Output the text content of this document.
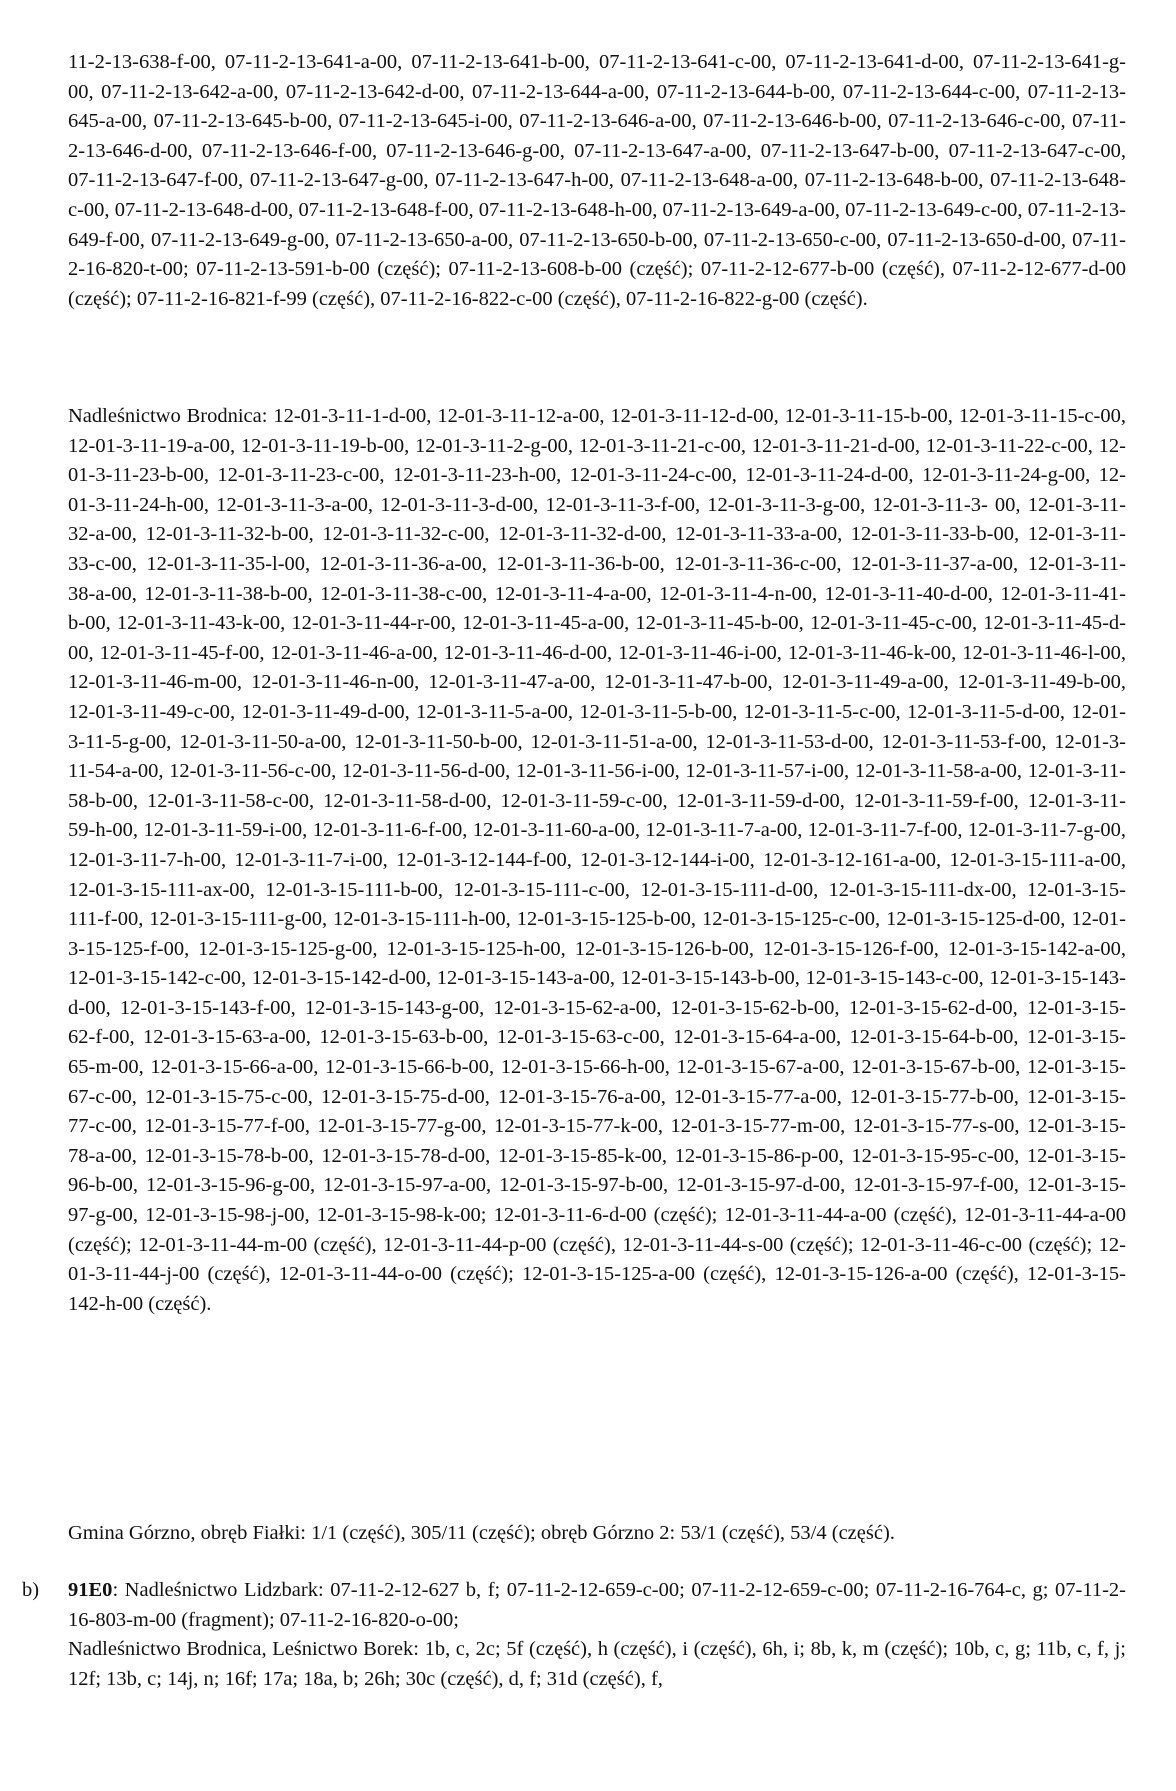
11-2-13-638-f-00, 07-11-2-13-641-a-00, 07-11-2-13-641-b-00, 07-11-2-13-641-c-00, 07-11-2-13-641-d-00, 07-11-2-13-641-g-00, 07-11-2-13-642-a-00, 07-11-2-13-642-d-00, 07-11-2-13-644-a-00, 07-11-2-13-644-b-00, 07-11-2-13-644-c-00, 07-11-2-13-645-a-00, 07-11-2-13-645-b-00, 07-11-2-13-645-i-00, 07-11-2-13-646-a-00, 07-11-2-13-646-b-00, 07-11-2-13-646-c-00, 07-11-2-13-646-d-00, 07-11-2-13-646-f-00, 07-11-2-13-646-g-00, 07-11-2-13-647-a-00, 07-11-2-13-647-b-00, 07-11-2-13-647-c-00, 07-11-2-13-647-f-00, 07-11-2-13-647-g-00, 07-11-2-13-647-h-00, 07-11-2-13-648-a-00, 07-11-2-13-648-b-00, 07-11-2-13-648-c-00, 07-11-2-13-648-d-00, 07-11-2-13-648-f-00, 07-11-2-13-648-h-00, 07-11-2-13-649-a-00, 07-11-2-13-649-c-00, 07-11-2-13-649-f-00, 07-11-2-13-649-g-00, 07-11-2-13-650-a-00, 07-11-2-13-650-b-00, 07-11-2-13-650-c-00, 07-11-2-13-650-d-00, 07-11-2-16-820-t-00; 07-11-2-13-591-b-00 (część); 07-11-2-13-608-b-00 (część); 07-11-2-12-677-b-00 (część), 07-11-2-12-677-d-00 (część); 07-11-2-16-821-f-99 (część), 07-11-2-16-822-c-00 (część), 07-11-2-16-822-g-00 (część).

Nadleśnictwo Brodnica: 12-01-3-11-1-d-00, 12-01-3-11-12-a-00, 12-01-3-11-12-d-00, 12-01-3-11-15-b-00, 12-01-3-11-15-c-00, 12-01-3-11-19-a-00, 12-01-3-11-19-b-00, 12-01-3-11-2-g-00, 12-01-3-11-21-c-00, 12-01-3-11-21-d-00, 12-01-3-11-22-c-00, 12-01-3-11-23-b-00, 12-01-3-11-23-c-00, 12-01-3-11-23-h-00, 12-01-3-11-24-c-00, 12-01-3-11-24-d-00, 12-01-3-11-24-g-00, 12-01-3-11-24-h-00, 12-01-3-11-3-a-00, 12-01-3-11-3-d-00, 12-01-3-11-3-f-00, 12-01-3-11-3-g-00, 12-01-3-11-3- 00, 12-01-3-11-32-a-00, 12-01-3-11-32-b-00, 12-01-3-11-32-c-00, 12-01-3-11-32-d-00, 12-01-3-11-33-a-00, 12-01-3-11-33-b-00, 12-01-3-11-33-c-00, 12-01-3-11-35-l-00, 12-01-3-11-36-a-00, 12-01-3-11-36-b-00, 12-01-3-11-36-c-00, 12-01-3-11-37-a-00, 12-01-3-11-38-a-00, 12-01-3-11-38-b-00, 12-01-3-11-38-c-00, 12-01-3-11-4-a-00, 12-01-3-11-4-n-00, 12-01-3-11-40-d-00, 12-01-3-11-41-b-00, 12-01-3-11-43-k-00, 12-01-3-11-44-r-00, 12-01-3-11-45-a-00, 12-01-3-11-45-b-00, 12-01-3-11-45-c-00, 12-01-3-11-45-d-00, 12-01-3-11-45-f-00, 12-01-3-11-46-a-00, 12-01-3-11-46-d-00, 12-01-3-11-46-i-00, 12-01-3-11-46-k-00, 12-01-3-11-46-l-00, 12-01-3-11-46-m-00, 12-01-3-11-46-n-00, 12-01-3-11-47-a-00, 12-01-3-11-47-b-00, 12-01-3-11-49-a-00, 12-01-3-11-49-b-00, 12-01-3-11-49-c-00, 12-01-3-11-49-d-00, 12-01-3-11-5-a-00, 12-01-3-11-5-b-00, 12-01-3-11-5-c-00, 12-01-3-11-5-d-00, 12-01-3-11-5-g-00, 12-01-3-11-50-a-00, 12-01-3-11-50-b-00, 12-01-3-11-51-a-00, 12-01-3-11-53-d-00, 12-01-3-11-53-f-00, 12-01-3-11-54-a-00, 12-01-3-11-56-c-00, 12-01-3-11-56-d-00, 12-01-3-11-56-i-00, 12-01-3-11-57-i-00, 12-01-3-11-58-a-00, 12-01-3-11-58-b-00, 12-01-3-11-58-c-00, 12-01-3-11-58-d-00, 12-01-3-11-59-c-00, 12-01-3-11-59-d-00, 12-01-3-11-59-f-00, 12-01-3-11-59-h-00, 12-01-3-11-59-i-00, 12-01-3-11-6-f-00, 12-01-3-11-60-a-00, 12-01-3-11-7-a-00, 12-01-3-11-7-f-00, 12-01-3-11-7-g-00, 12-01-3-11-7-h-00, 12-01-3-11-7-i-00, 12-01-3-12-144-f-00, 12-01-3-12-144-i-00, 12-01-3-12-161-a-00, 12-01-3-15-111-a-00, 12-01-3-15-111-ax-00, 12-01-3-15-111-b-00, 12-01-3-15-111-c-00, 12-01-3-15-111-d-00, 12-01-3-15-111-dx-00, 12-01-3-15-111-f-00, 12-01-3-15-111-g-00, 12-01-3-15-111-h-00, 12-01-3-15-125-b-00, 12-01-3-15-125-c-00, 12-01-3-15-125-d-00, 12-01-3-15-125-f-00, 12-01-3-15-125-g-00, 12-01-3-15-125-h-00, 12-01-3-15-126-b-00, 12-01-3-15-126-f-00, 12-01-3-15-142-a-00, 12-01-3-15-142-c-00, 12-01-3-15-142-d-00, 12-01-3-15-143-a-00, 12-01-3-15-143-b-00, 12-01-3-15-143-c-00, 12-01-3-15-143-d-00, 12-01-3-15-143-f-00, 12-01-3-15-143-g-00, 12-01-3-15-62-a-00, 12-01-3-15-62-b-00, 12-01-3-15-62-d-00, 12-01-3-15-62-f-00, 12-01-3-15-63-a-00, 12-01-3-15-63-b-00, 12-01-3-15-63-c-00, 12-01-3-15-64-a-00, 12-01-3-15-64-b-00, 12-01-3-15-65-m-00, 12-01-3-15-66-a-00, 12-01-3-15-66-b-00, 12-01-3-15-66-h-00, 12-01-3-15-67-a-00, 12-01-3-15-67-b-00, 12-01-3-15-67-c-00, 12-01-3-15-75-c-00, 12-01-3-15-75-d-00, 12-01-3-15-76-a-00, 12-01-3-15-77-a-00, 12-01-3-15-77-b-00, 12-01-3-15-77-c-00, 12-01-3-15-77-f-00, 12-01-3-15-77-g-00, 12-01-3-15-77-k-00, 12-01-3-15-77-m-00, 12-01-3-15-77-s-00, 12-01-3-15-78-a-00, 12-01-3-15-78-b-00, 12-01-3-15-78-d-00, 12-01-3-15-85-k-00, 12-01-3-15-86-p-00, 12-01-3-15-95-c-00, 12-01-3-15-96-b-00, 12-01-3-15-96-g-00, 12-01-3-15-97-a-00, 12-01-3-15-97-b-00, 12-01-3-15-97-d-00, 12-01-3-15-97-f-00, 12-01-3-15-97-g-00, 12-01-3-15-98-j-00, 12-01-3-15-98-k-00; 12-01-3-11-6-d-00 (część); 12-01-3-11-44-a-00 (część), 12-01-3-11-44-a-00 (część); 12-01-3-11-44-m-00 (część), 12-01-3-11-44-p-00 (część), 12-01-3-11-44-s-00 (część); 12-01-3-11-46-c-00 (część); 12-01-3-11-44-j-00 (część), 12-01-3-11-44-o-00 (część); 12-01-3-15-125-a-00 (część), 12-01-3-15-126-a-00 (część), 12-01-3-15-142-h-00 (część).

Gmina Górzno, obręb Fiałki: 1/1 (część), 305/11 (część); obręb Górzno 2: 53/1 (część), 53/4 (część).

b) 91E0: Nadleśnictwo Lidzbark: 07-11-2-12-627 b, f; 07-11-2-12-659-c-00; 07-11-2-12-659-c-00; 07-11-2-16-764-c, g; 07-11-2-16-803-m-00 (fragment); 07-11-2-16-820-o-00;
Nadleśnictwo Brodnica, Leśnictwo Borek: 1b, c, 2c; 5f (część), h (część), i (część), 6h, i; 8b, k, m (część); 10b, c, g; 11b, c, f, j; 12f; 13b, c; 14j, n; 16f; 17a; 18a, b; 26h; 30c (część), d, f; 31d (część), f,
